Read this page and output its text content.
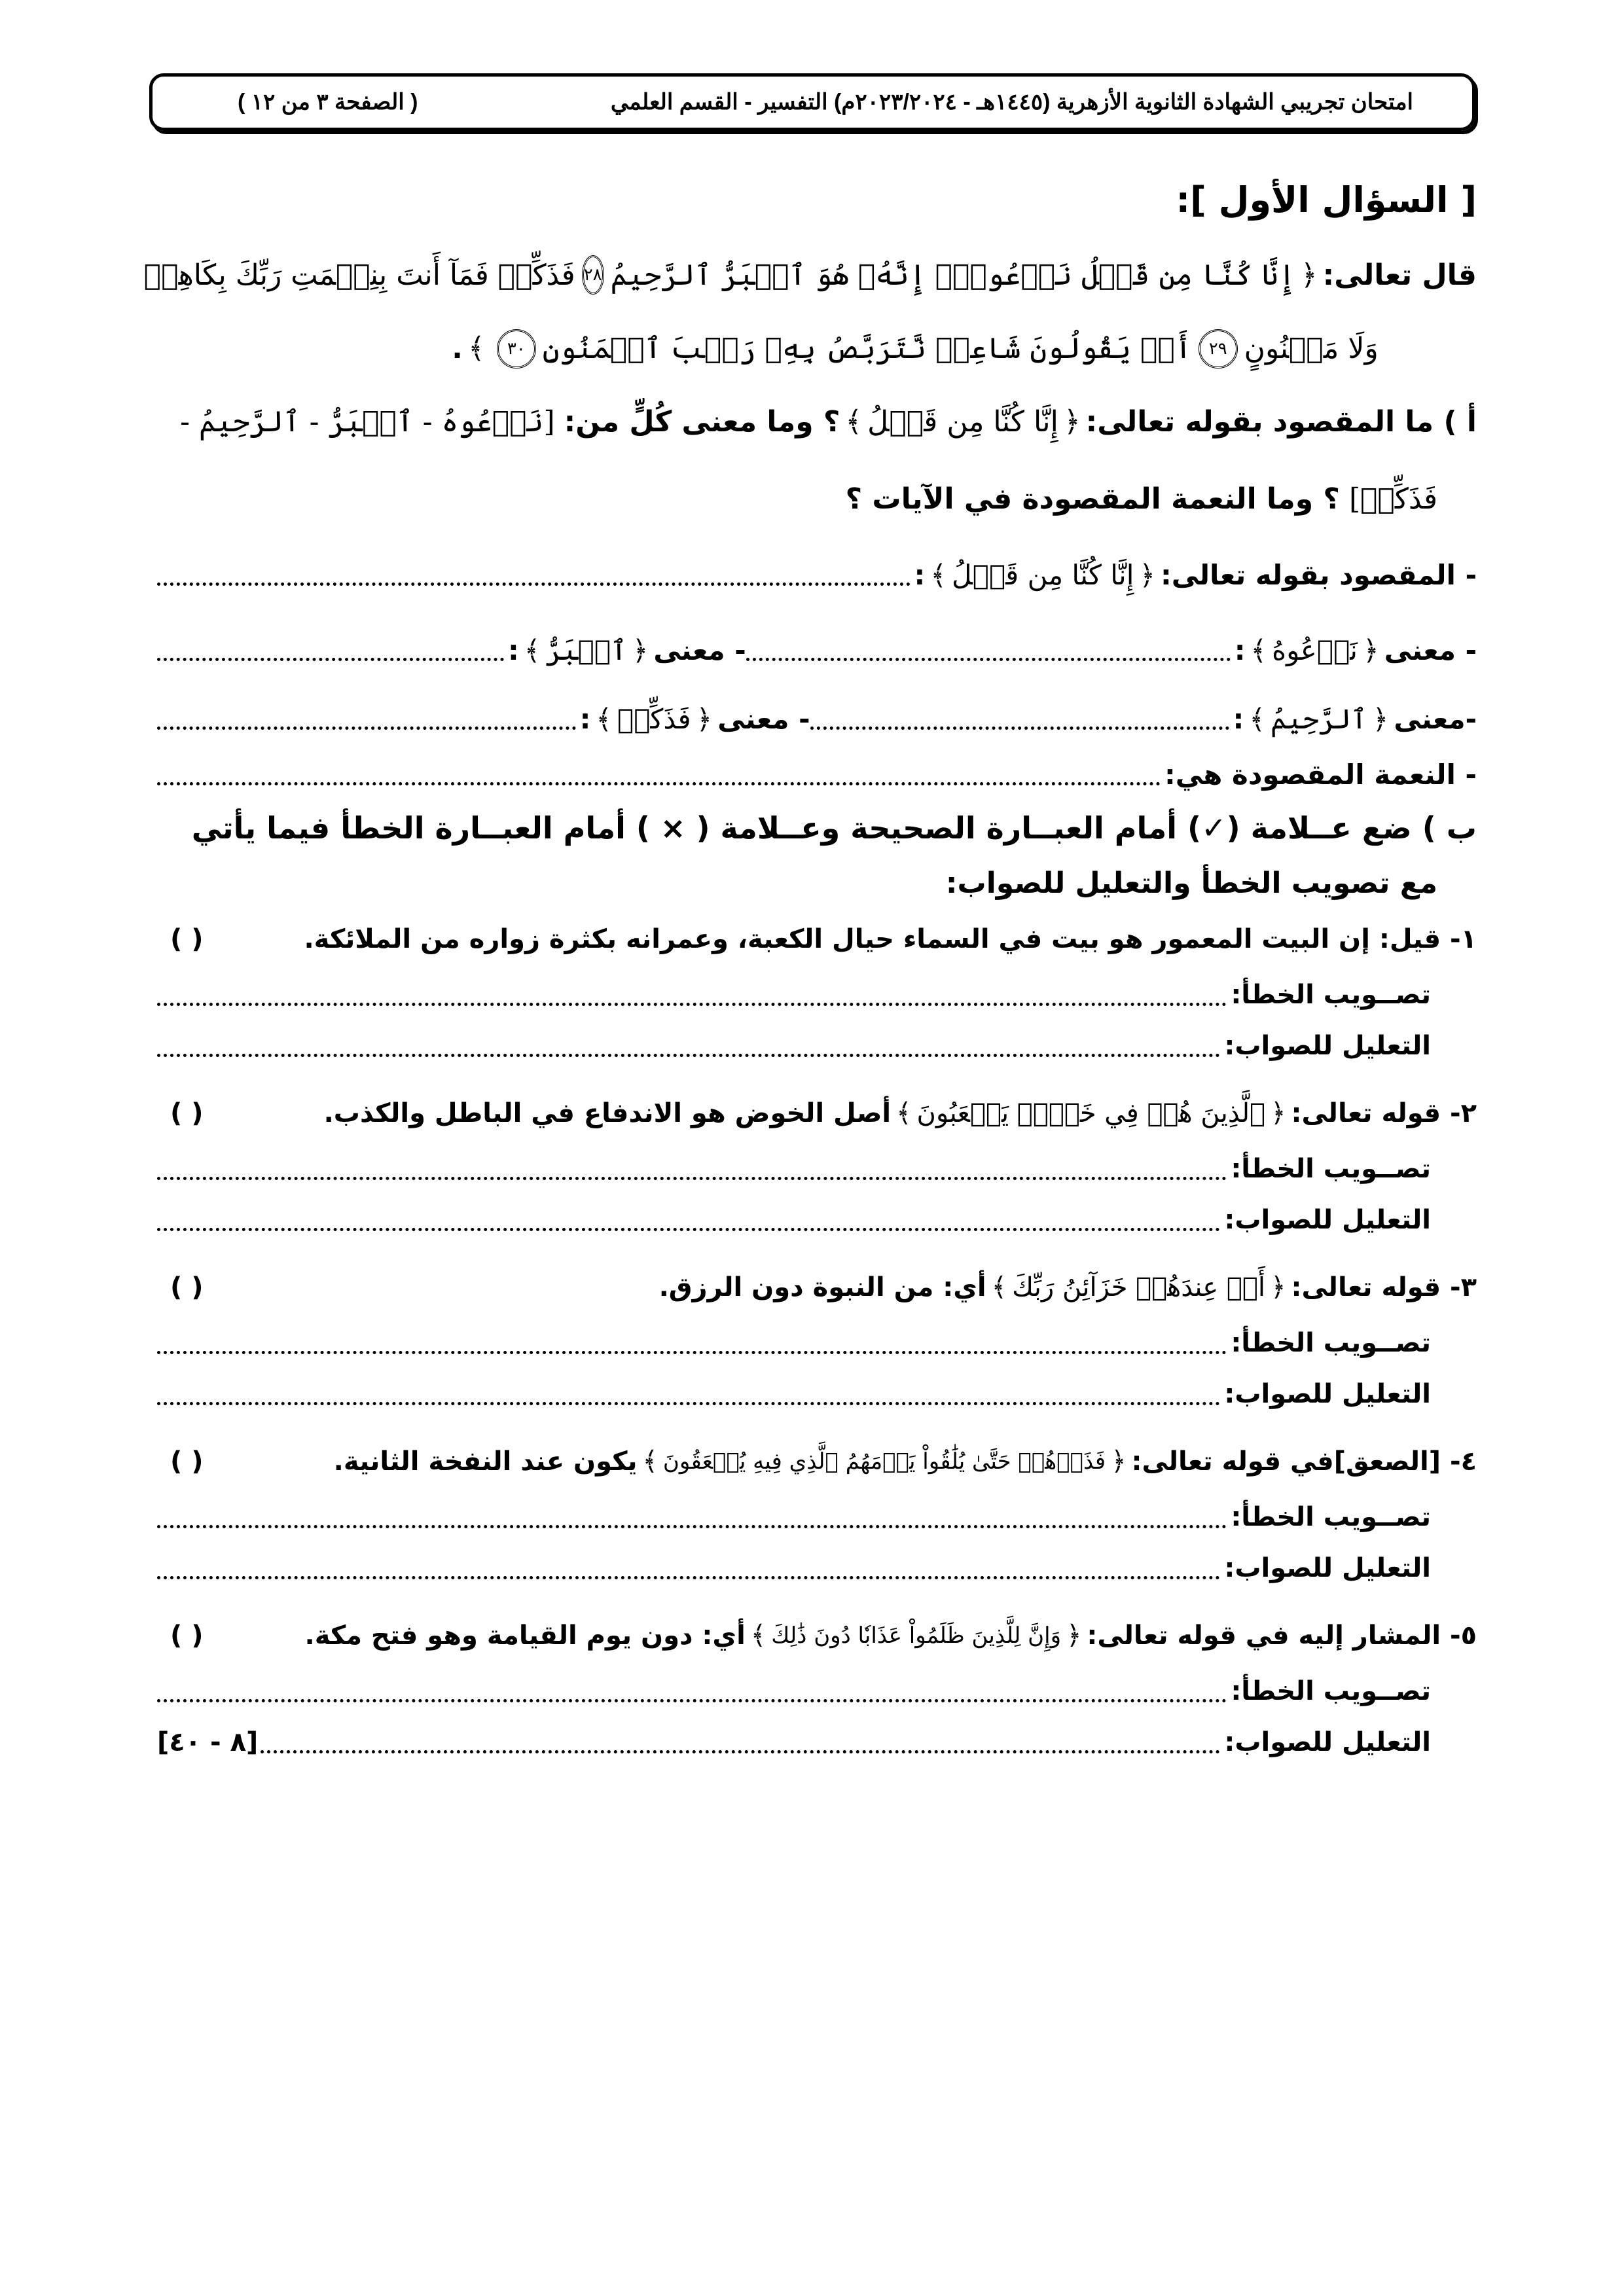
امتحان تجريبي الشهادة الثانوية الأزهرية (١٤٤٥هـ - ٢٠٢٣/٢٠٢٤م) التفسير - القسم العلمي
( الصفحة ٣ من ١٢ )
[ السؤال الأول ]:
قال تعالى:
﴿
إِنَّا كُنَّا مِن قَبۡلُ نَدۡعُوهُۖ إِنَّهُۥ هُوَ ٱلۡبَرُّ ٱلرَّحِيمُ
٢٨
فَذَكِّرۡ فَمَآ أَنتَ بِنِعۡمَتِ رَبِّكَ بِكَاهِنٖ
وَلَا مَجۡنُونٍ
٢٩
أَمۡ يَقُولُونَ شَاعِرٞ نَّتَرَبَّصُ بِهِۦ رَيۡبَ ٱلۡمَنُونِ
٣٠
﴾
.
أ ) ما المقصود بقوله تعالى:
﴿
إِنَّا كُنَّا مِن قَبۡلُ
﴾
؟ وما معنى كُلٍّ من:
[نَدۡعُوهُ - ٱلۡبَرُّ - ٱلرَّحِيمُ -
فَذَكِّرۡ]
؟ وما النعمة المقصودة في الآيات ؟
- المقصود بقوله تعالى:
﴿
إِنَّا كُنَّا مِن قَبۡلُ
﴾
:
- معنى
﴿
نَدۡعُوهُ
﴾
:
- معنى
﴿
ٱلۡبَرُّ
﴾
:
-معنى
﴿
ٱلرَّحِيمُ
﴾
:
- معنى
﴿
فَذَكِّرۡ
﴾
:
- النعمة المقصودة هي:
ب ) ضع عــلامة (✓) أمام العبــارة الصحيحة وعــلامة ( × ) أمام العبــارة الخطأ فيما يأتي
مع تصويب الخطأ والتعليل للصواب:
١- قيل: إن البيت المعمور هو بيت في السماء حيال الكعبة، وعمرانه بكثرة زواره من الملائكة.
( )
تصــويب الخطأ:
التعليل للصواب:
٢- قوله تعالى:
﴿
ٱلَّذِينَ هُمۡ فِي خَوۡضٖ يَلۡعَبُونَ
﴾
أصل الخوض هو الاندفاع في الباطل والكذب.
( )
تصــويب الخطأ:
التعليل للصواب:
٣- قوله تعالى:
﴿
أَمۡ عِندَهُمۡ خَزَآئِنُ رَبِّكَ
﴾
أي: من النبوة دون الرزق.
( )
تصــويب الخطأ:
التعليل للصواب:
٤- [الصعق]في قوله تعالى:
﴿
فَذَرۡهُمۡ حَتَّىٰ يُلَٰقُواْ يَوۡمَهُمُ ٱلَّذِي فِيهِ يُصۡعَقُونَ
﴾
يكون عند النفخة الثانية.
( )
تصــويب الخطأ:
التعليل للصواب:
٥- المشار إليه في قوله تعالى:
﴿
وَإِنَّ لِلَّذِينَ ظَلَمُواْ عَذَابٗا دُونَ ذَٰلِكَ
﴾
أي: دون يوم القيامة وهو فتح مكة.
( )
تصــويب الخطأ:
التعليل للصواب:
[٨ - ٤٠]
